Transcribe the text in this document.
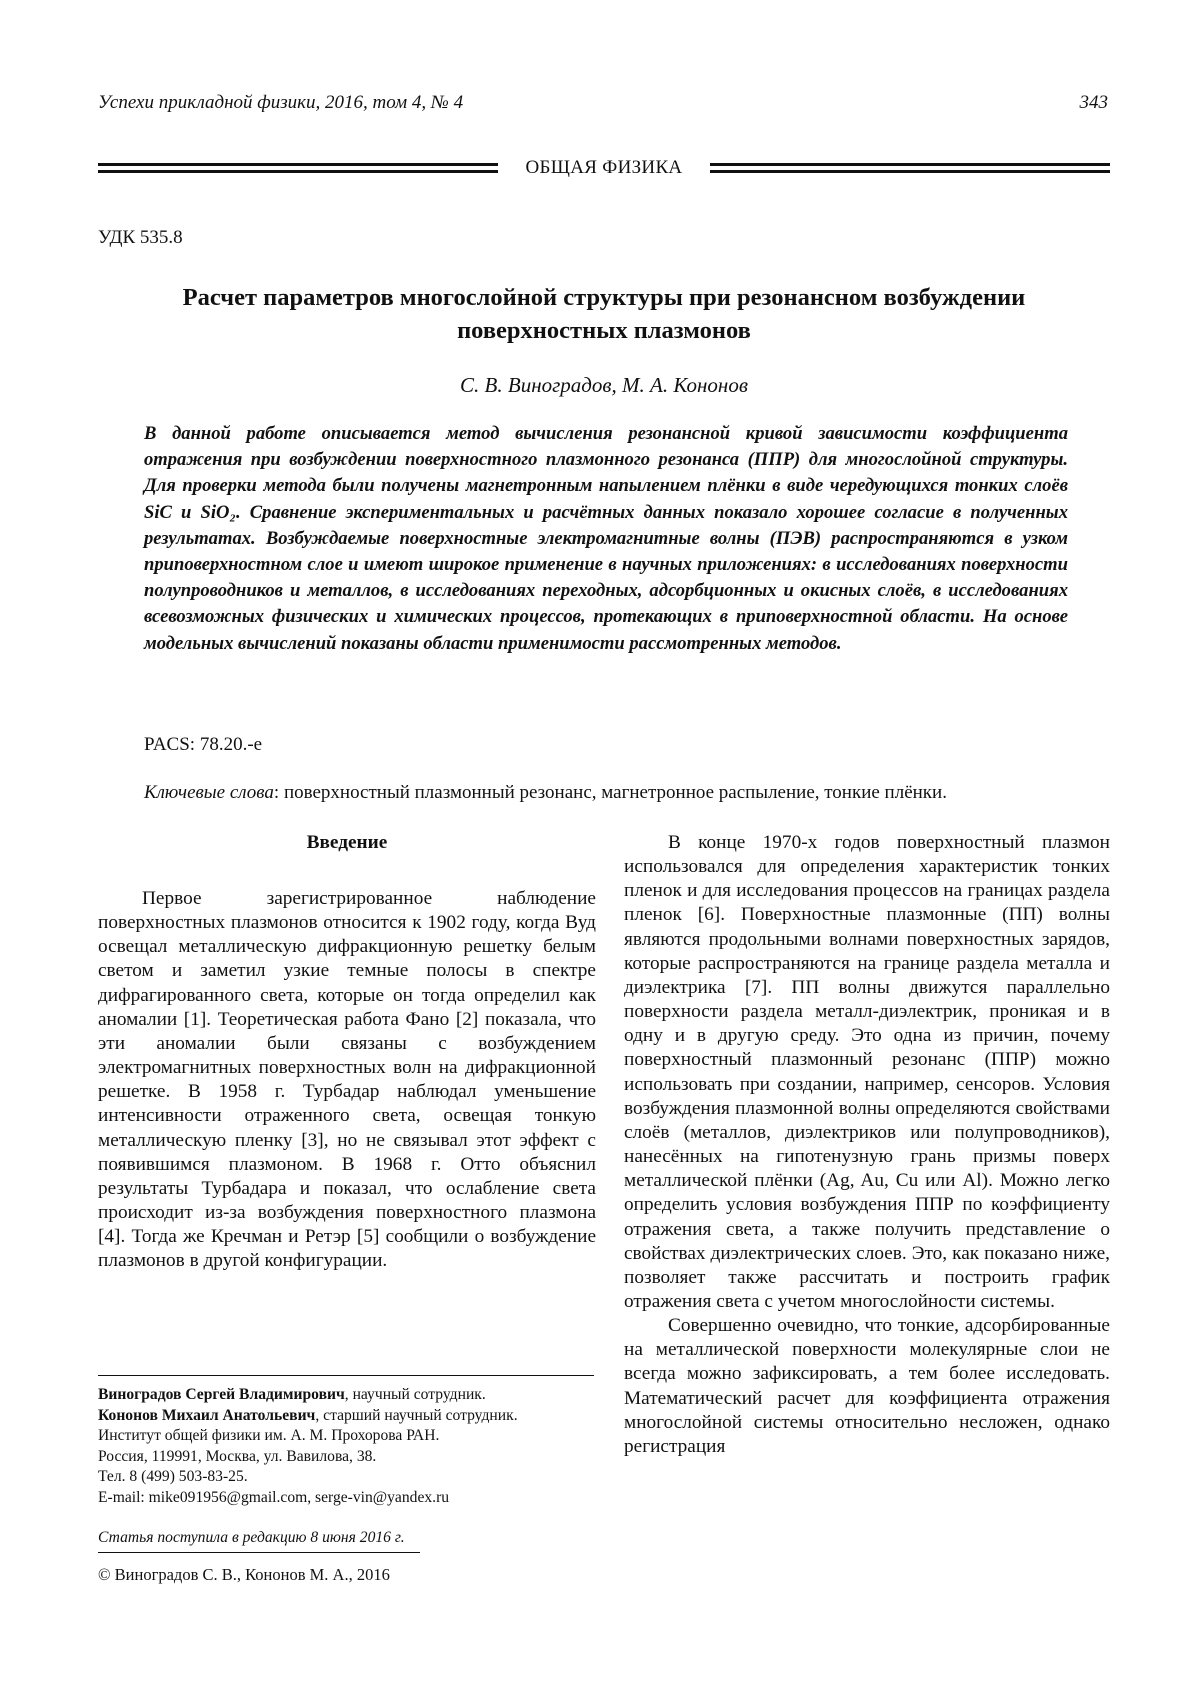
Успехи прикладной физики, 2016, том 4, № 4	343
ОБЩАЯ ФИЗИКА
УДК 535.8
Расчет параметров многослойной структуры при резонансном возбуждении поверхностных плазмонов
С. В. Виноградов, М. А. Кононов
В данной работе описывается метод вычисления резонансной кривой зависимости коэффициента отражения при возбуждении поверхностного плазмонного резонанса (ППР) для многослойной структуры. Для проверки метода были получены магнетронным напылением плёнки в виде чередующихся тонких слоёв SiC и SiO₂. Сравнение экспериментальных и расчётных данных показало хорошее согласие в полученных результатах. Возбуждаемые поверхностные электромагнитные волны (ПЭВ) распространяются в узком приповерхностном слое и имеют широкое применение в научных приложениях: в исследованиях поверхности полупроводников и металлов, в исследованиях переходных, адсорбционных и окисных слоёв, в исследованиях всевозможных физических и химических процессов, протекающих в приповерхностной области. На основе модельных вычислений показаны области применимости рассмотренных методов.
PACS: 78.20.-e
Ключевые слова: поверхностный плазмонный резонанс, магнетронное распыление, тонкие плёнки.
Введение

Первое зарегистрированное наблюдение поверхностных плазмонов относится к 1902 году, когда Вуд освещал металлическую дифракционную решетку белым светом и заметил узкие темные полосы в спектре дифрагированного света, которые он тогда определил как аномалии [1]. Теоретическая работа Фано [2] показала, что эти аномалии были связаны с возбуждением электромагнитных поверхностных волн на дифракционной решетке. В 1958 г. Турбадар наблюдал уменьшение интенсивности отраженного света, освещая тонкую металлическую пленку [3], но не связывал этот эффект с появившимся плазмоном. В 1968 г. Отто объяснил результаты Турбадара и показал, что ослабление света происходит из-за возбуждения поверхностного плазмона [4]. Тогда же Кречман и Ретэр [5] сообщили о возбуждение плазмонов в другой конфигурации.

В конце 1970-х годов поверхностный плазмон использовался для определения характеристик тонких пленок и для исследования процессов на границах раздела пленок [6]. Поверхностные плазмонные (ПП) волны являются продольными волнами поверхностных зарядов, которые распространяются на границе раздела металла и диэлектрика [7]. ПП волны движутся параллельно поверхности раздела металл-диэлектрик, проникая и в одну и в другую среду. Это одна из причин, почему поверхностный плазмонный резонанс (ППР) можно использовать при создании, например, сенсоров. Условия возбуждения плазмонной волны определяются свойствами слоёв (металлов, диэлектриков или полупроводников), нанесённых на гипотенузную грань призмы поверх металлической плёнки (Ag, Au, Cu или Al). Можно легко определить условия возбуждения ППР по коэффициенту отражения света, а также получить представление о свойствах диэлектрических слоев. Это, как показано ниже, позволяет также рассчитать и построить график отражения света с учетом многослойности системы.

Совершенно очевидно, что тонкие, адсорбированные на металлической поверхности молекулярные слои не всегда можно зафиксировать, а тем более исследовать. Математический расчет для коэффициента отражения многослойной системы относительно несложен, однако регистрация

Виноградов Сергей Владимирович, научный сотрудник.
Кононов Михаил Анатольевич, старший научный сотрудник.
Институт общей физики им. А. М. Прохорова РАН.
Россия, 119991, Москва, ул. Вавилова, 38.
Тел. 8 (499) 503-83-25.
E-mail: mike091956@gmail.com, serge-vin@yandex.ru
Статья поступила в редакцию 8 июня 2016 г.
© Виноградов С. В., Кононов М. А., 2016
